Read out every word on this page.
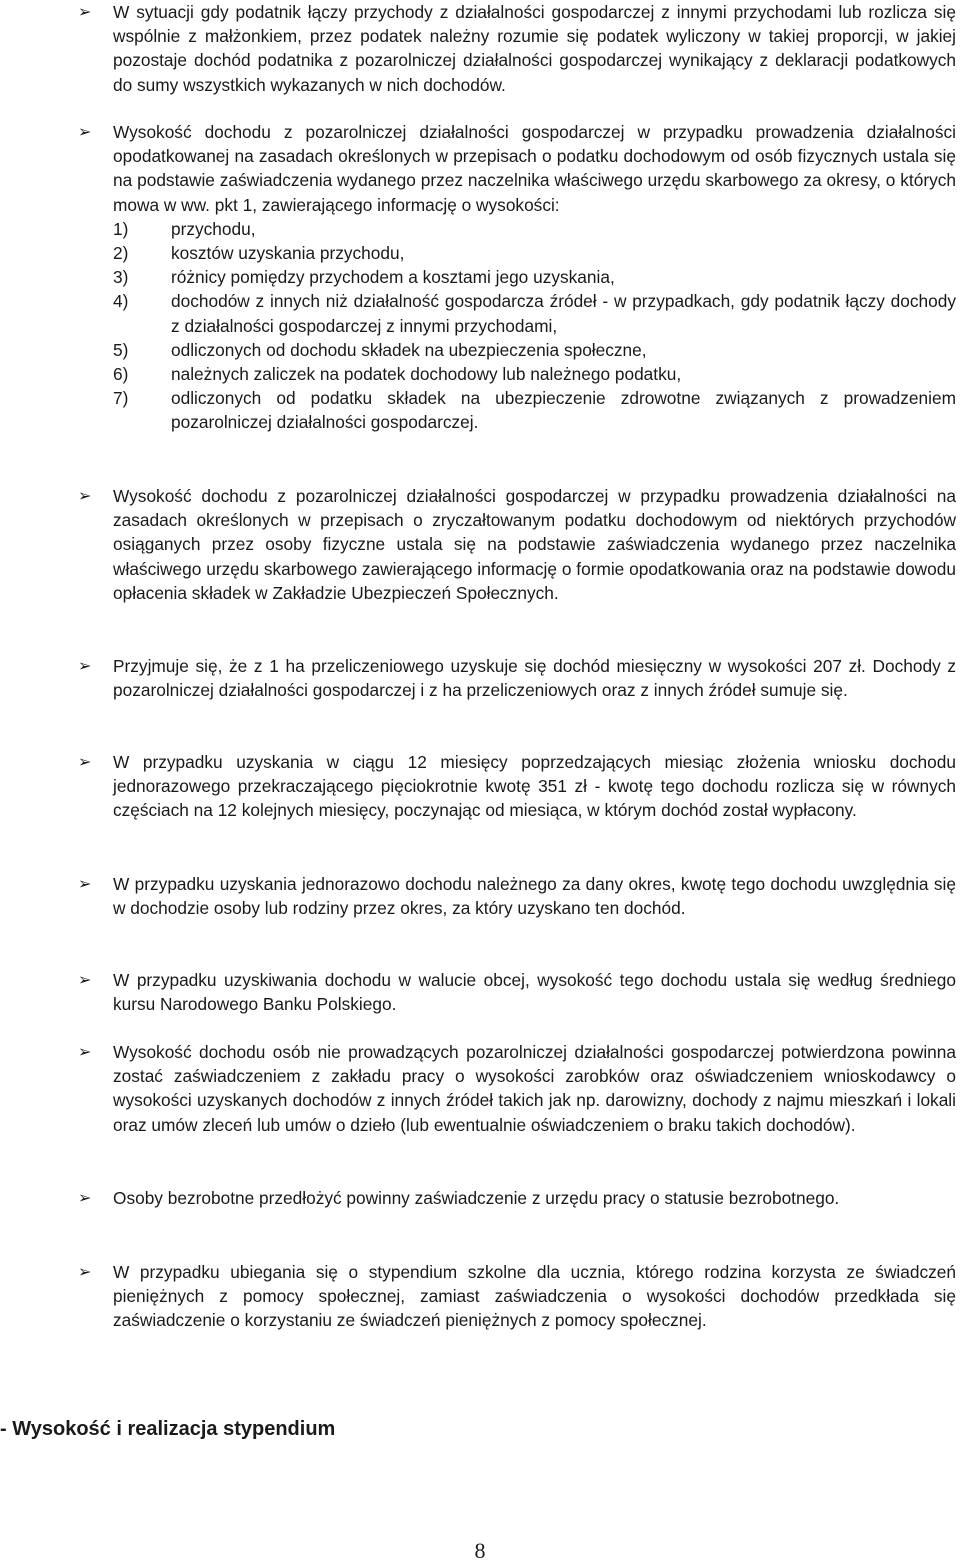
➢	W sytuacji gdy podatnik łączy przychody z działalności gospodarczej z innymi przychodami lub rozlicza się wspólnie z małżonkiem, przez podatek należny rozumie się podatek wyliczony w takiej proporcji, w jakiej pozostaje dochód podatnika z pozarolniczej działalności gospodarczej wynikający z deklaracji podatkowych do sumy wszystkich wykazanych w nich dochodów.
➢	Wysokość dochodu z pozarolniczej działalności gospodarczej w przypadku prowadzenia działalności opodatkowanej na zasadach określonych w przepisach o podatku dochodowym od osób fizycznych ustala się na podstawie zaświadczenia wydanego przez naczelnika właściwego urzędu skarbowego za okresy, o których mowa w ww. pkt 1, zawierającego informację o wysokości:
1) przychodu,
2) kosztów uzyskania przychodu,
3) różnicy pomiędzy przychodem a kosztami jego uzyskania,
4) dochodów z innych niż działalność gospodarcza źródeł - w przypadkach, gdy podatnik łączy dochody z działalności gospodarczej z innymi przychodami,
5) odliczonych od dochodu składek na ubezpieczenia społeczne,
6) należnych zaliczek na podatek dochodowy lub należnego podatku,
7) odliczonych od podatku składek na ubezpieczenie zdrowotne związanych z prowadzeniem pozarolniczej działalności gospodarczej.
➢	Wysokość dochodu z pozarolniczej działalności gospodarczej w przypadku prowadzenia działalności na zasadach określonych w przepisach o zryczałtowanym podatku dochodowym od niektórych przychodów osiąganych przez osoby fizyczne ustala się na podstawie zaświadczenia wydanego przez naczelnika właściwego urzędu skarbowego zawierającego informację o formie opodatkowania oraz na podstawie dowodu opłacenia składek w Zakładzie Ubezpieczeń Społecznych.
➢	Przyjmuje się, że z 1 ha przeliczeniowego uzyskuje się dochód miesięczny w wysokości 207 zł. Dochody z pozarolniczej działalności gospodarczej i z ha przeliczeniowych oraz z innych źródeł sumuje się.
➢	W przypadku uzyskania w ciągu 12 miesięcy poprzedzających miesiąc złożenia wniosku dochodu jednorazowego przekraczającego pięciokrotnie kwotę 351 zł - kwotę tego dochodu rozlicza się w równych częściach na 12 kolejnych miesięcy, poczynając od miesiąca, w którym dochód został wypłacony.
➢	W przypadku uzyskania jednorazowo dochodu należnego za dany okres, kwotę tego dochodu uwzględnia się w dochodzie osoby lub rodziny przez okres, za który uzyskano ten dochód.
➢	W przypadku uzyskiwania dochodu w walucie obcej, wysokość tego dochodu ustala się według średniego kursu Narodowego Banku Polskiego.
➢	Wysokość dochodu osób nie prowadzących pozarolniczej działalności gospodarczej potwierdzona powinna zostać zaświadczeniem z zakładu pracy o wysokości zarobków oraz oświadczeniem wnioskodawcy o wysokości uzyskanych dochodów z innych źródeł takich jak np. darowizny, dochody z najmu mieszkań i lokali oraz umów zleceń lub umów o dzieło (lub ewentualnie oświadczeniem o braku takich dochodów).
➢	Osoby bezrobotne przedłożyć powinny zaświadczenie z urzędu pracy o statusie bezrobotnego.
➢	W przypadku ubiegania się o stypendium szkolne dla ucznia, którego rodzina korzysta ze świadczeń pieniężnych z pomocy społecznej, zamiast zaświadczenia o wysokości dochodów przedkłada się zaświadczenie o korzystaniu ze świadczeń pieniężnych z pomocy społecznej.
- Wysokość i realizacja stypendium
8
